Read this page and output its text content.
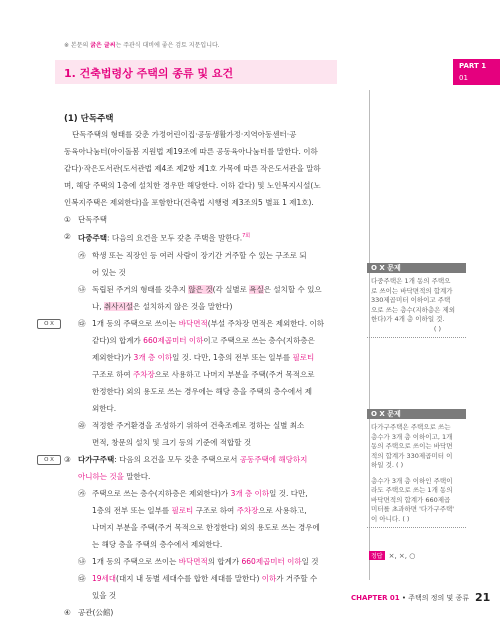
※ 본문의 굵은 글씨는 주관식 대비에 좋은 검토 지문입니다.
PART 1
01
1. 건축법령상 주택의 종류 및 요건
(1) 단독주택

단독주택의 형태를 갖춘 가정어린이집·공동생활가정·지역아동센터·공
동육아나눔터(아이돌봄 지원법 제19조에 따른 공동육아나눔터를 말한다. 이하
같다)·작은도서관(도서관법 제4조 제2항 제1호 가목에 따른 작은도서관을 말하
며, 해당 주택의 1층에 설치한 경우만 해당한다. 이하 같다) 및 노인복지시설(노
인복지주택은 제외한다)을 포함한다(건축법 시행령 제3조의5 별표 1 제1호).

① 단독주택

② 다중주택: 다음의 요건을 모두 갖춘 주택을 말한다.$^{7회}$

㉮ 학생 또는 직장인 등 여러 사람이 장기간 거주할 수 있는 구조로 되
어 있는 것
㉯ 독립된 주거의 형태를 갖추지 않은 것(각 실별로 욕실은 설치할 수 있으
나, 취사시설은 설치하지 않은 것을 말한다)
O X	㉰ 1개 동의 주택으로 쓰이는 바닥면적(부설 주차장 면적은 제외한다. 이하
같다)의 합계가 660제곱미터 이하이고 주택으로 쓰는 층수(지하층은
제외한다)가 3개 층 이하일 것. 다만, 1층의 전부 또는 일부를 필로티
구조로 하여 주차장으로 사용하고 나머지 부분을 주택(주거 목적으로
한정한다) 외의 용도로 쓰는 경우에는 해당 층을 주택의 층수에서 제
외한다.
㉱ 적정한 주거환경을 조성하기 위하여 건축조례로 정하는 실별 최소
면적, 창문의 설치 및 크기 등의 기준에 적합할 것
O X	③ 다가구주택: 다음의 요건을 모두 갖춘 주택으로서 공동주택에 해당하지
아니하는 것을 말한다.
㉮ 주택으로 쓰는 층수(지하층은 제외한다)가 3개 층 이하일 것. 다만,
1층의 전부 또는 일부를 필로티 구조로 하여 주차장으로 사용하고,
나머지 부분을 주택(주거 목적으로 한정한다) 외의 용도로 쓰는 경우에
는 해당 층을 주택의 층수에서 제외한다.
㉯ 1개 동의 주택으로 쓰이는 바닥면적의 합계가 660제곱미터 이하일 것
㉰ 19세대(대지 내 동별 세대수를 합한 세대를 말한다) 이하가 거주할 수
있을 것

④ 공관(公館)

O X 문제

다중주택은 1개 동의 주택으

로 쓰이는 바닥면적의 합계가

330제곱미터 이하이고 주택

으로 쓰는 층수(지하층은 제외

한다)가 4개 층 이하일 것.

( )

O X 문제

다가구주택은 주택으로 쓰는

층수가 3개 층 이하이고, 1개

동의 주택으로 쓰이는 바닥면

적의 합계가 330제곱미터 이

하일 것. ( )

층수가 3개 층 이하인 주택이

라도 주택으로 쓰는 1개 동의

바닥면적의 합계가 660제곱

미터를 초과하면 '다가구주택'

이 아니다. ( )

정답 ×, ×, ○
CHAPTER 01 • 주택의 정의 및 종류 21
